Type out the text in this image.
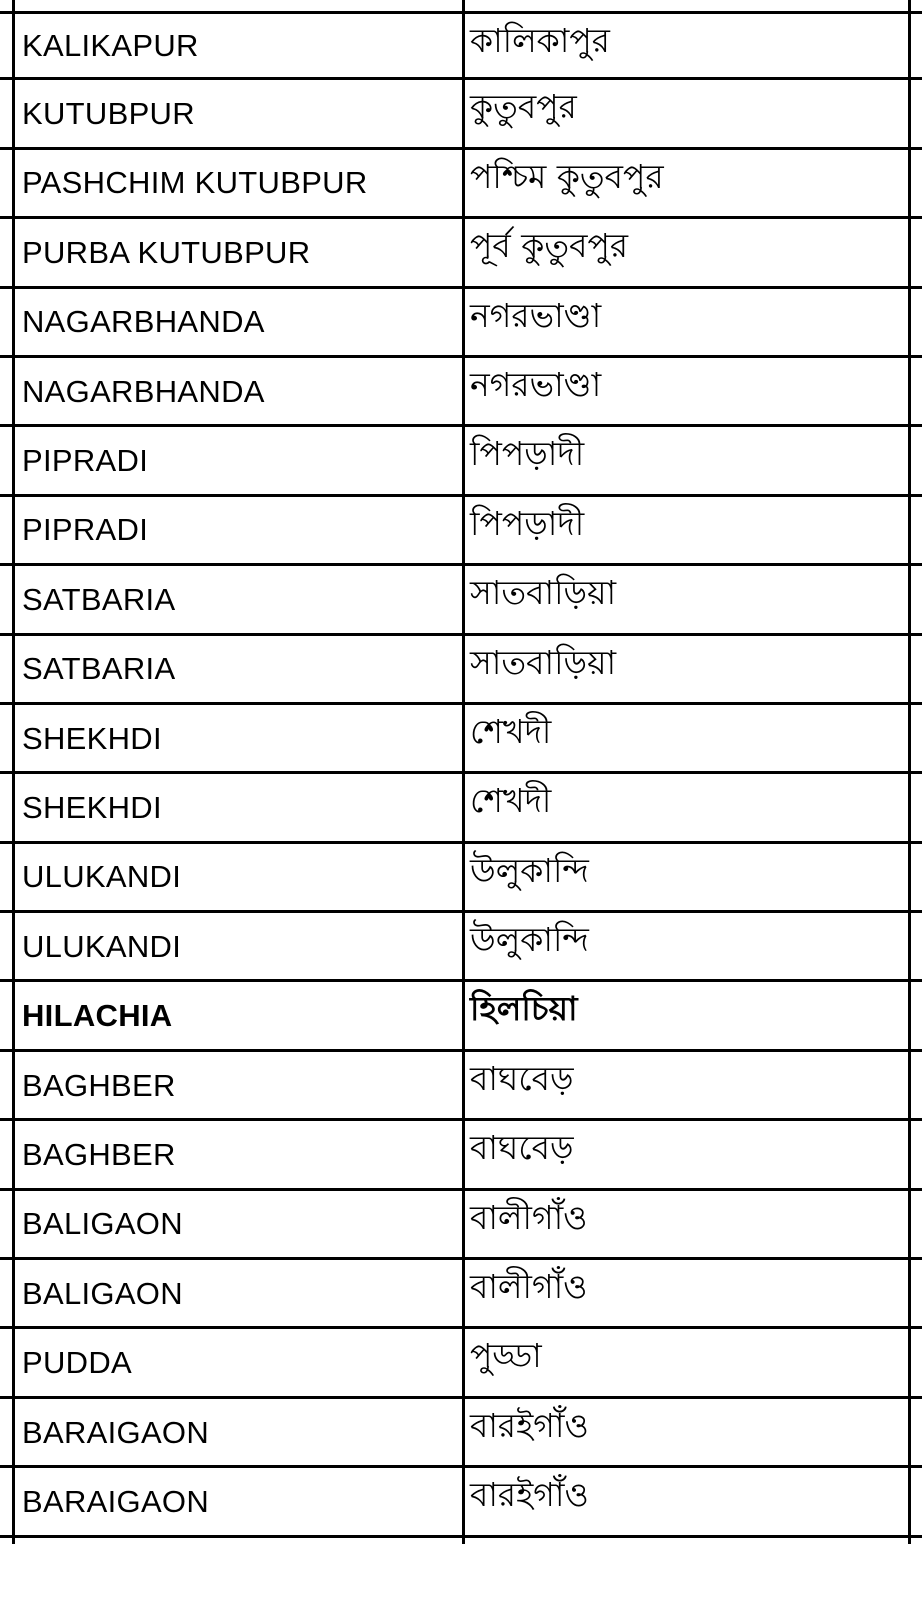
KALIKAPUR	কালিকাপুর
KUTUBPUR	কুতুবপুর
PASHCHIM KUTUBPUR	পশ্চিম কুতুবপুর
PURBA KUTUBPUR	পূর্ব কুতুবপুর
NAGARBHANDA	নগরভাণ্ডা
NAGARBHANDA	নগরভাণ্ডা
PIPRADI	পিপড়াদী
PIPRADI	পিপড়াদী
SATBARIA	সাতবাড়িয়া
SATBARIA	সাতবাড়িয়া
SHEKHDI	শেখদী
SHEKHDI	শেখদী
ULUKANDI	উলুকান্দি
ULUKANDI	উলুকান্দি
HILACHIA	হিলচিয়া
BAGHBER	বাঘবেড়
BAGHBER	বাঘবেড়
BALIGAON	বালীগাঁও
BALIGAON	বালীগাঁও
PUDDA	পুড্ডা
BARAIGAON	বারইগাঁও
BARAIGAON	বারইগাঁও
